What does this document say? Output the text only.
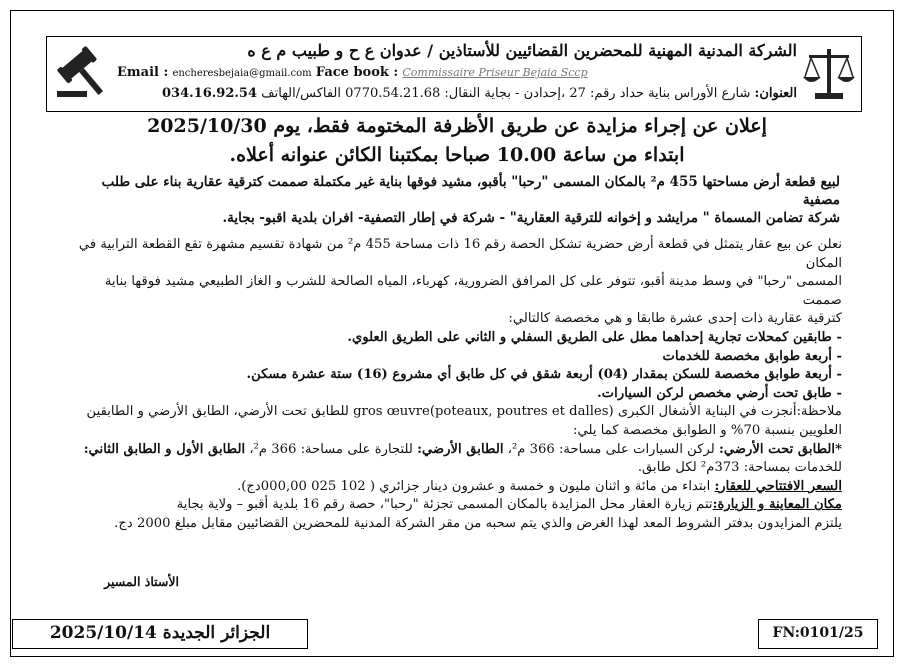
الشركة المدنية المهنية للمحضرين القضائيين للأستاذين / عدوان ع ح و طبيب م ع ه
Email : encheresbejaia@gmail.com Face book : Commissaire Priseur Bejaia Sccp
العنوان: شارع الأوراس بناية حداد رقم: 27 ،إحدادن - بجاية النقال: 0770.54.21.68 الفاكس/الهاتف 034.16.92.54
إعلان عن إجراء مزايدة عن طريق الأظرفة المختومة فقط، يوم 2025/10/30
ابتداء من ساعة 10.00 صباحا بمكتبنا الكائن عنوانه أعلاه.
لبيع قطعة أرض مساحتها 455 م² بالمكان المسمى "رحبا" بأقبو، مشيد فوقها بناية غير مكتملة صممت كترقية عقارية بناء على طلب مصفية
شركة تضامن المسماة " مرايشد و إخوانه للترقية العقارية" - شركة في إطار التصفية- افران بلدية اقبو- بجاية.

نعلن عن بيع عقار يتمثل في قطعة أرض حضرية تشكل الحصة رقم 16 ذات مساحة 455 م² من شهادة تقسيم مشهرة تقع القطعة الترابية في المكان

المسمى "رحبا" في وسط مدينة أقبو، تتوفر على كل المرافق الضرورية، كهرباء، المياه الصالحة للشرب و الغاز الطبيعي مشيد فوقها بناية صممت

كترقية عقارية ذات إحدى عشرة طابقا و هي مخصصة كالتالي:

- طابقين كمحلات تجارية إحداهما مطل على الطريق السفلي و الثاني على الطريق العلوي.

- أربعة طوابق مخصصة للخدمات

- أربعة طوابق مخصصة للسكن بمقدار (04) أربعة شقق في كل طابق أي مشروع (16) ستة عشرة مسكن.

- طابق تحت أرضي مخصص لركن السيارات.

ملاحظة:أنجزت في البناية الأشغال الكبرى gros œuvre(poteaux, poutres et dalles) للطابق تحت الأرضي، الطابق الأرضي و الطابقين

العلويين بنسبة 70% و الطوابق مخصصة كما يلي:

*الطابق تحت الأرضي: لركن السيارات على مساحة: 366 م²، الطابق الأرضي: للتجارة على مساحة: 366 م²، الطابق الأول و الطابق الثاني:

للخدمات بمساحة: 373م² لكل طابق.

السعر الافتتاحي للعقار: ابتداء من مائة و اثنان مليون و خمسة و عشرون دينار جزائري ( 102 025 000,00دج).

مكان المعاينة و الزيارة:تتم زيارة العقار محل المزايدة بالمكان المسمى تجزئة "رحبا"، حصة رقم 16 بلدية أقبو – ولاية بجاية

يلتزم المزايدون بدفتر الشروط المعد لهذا الغرض والذي يتم سحبه من مقر الشركة المدنية للمحضرين القضائيين مقابل مبلغ 2000 دج.

الأستاذ المسير
الجزائر الجديدة 2025/10/14	FN:0101/25
